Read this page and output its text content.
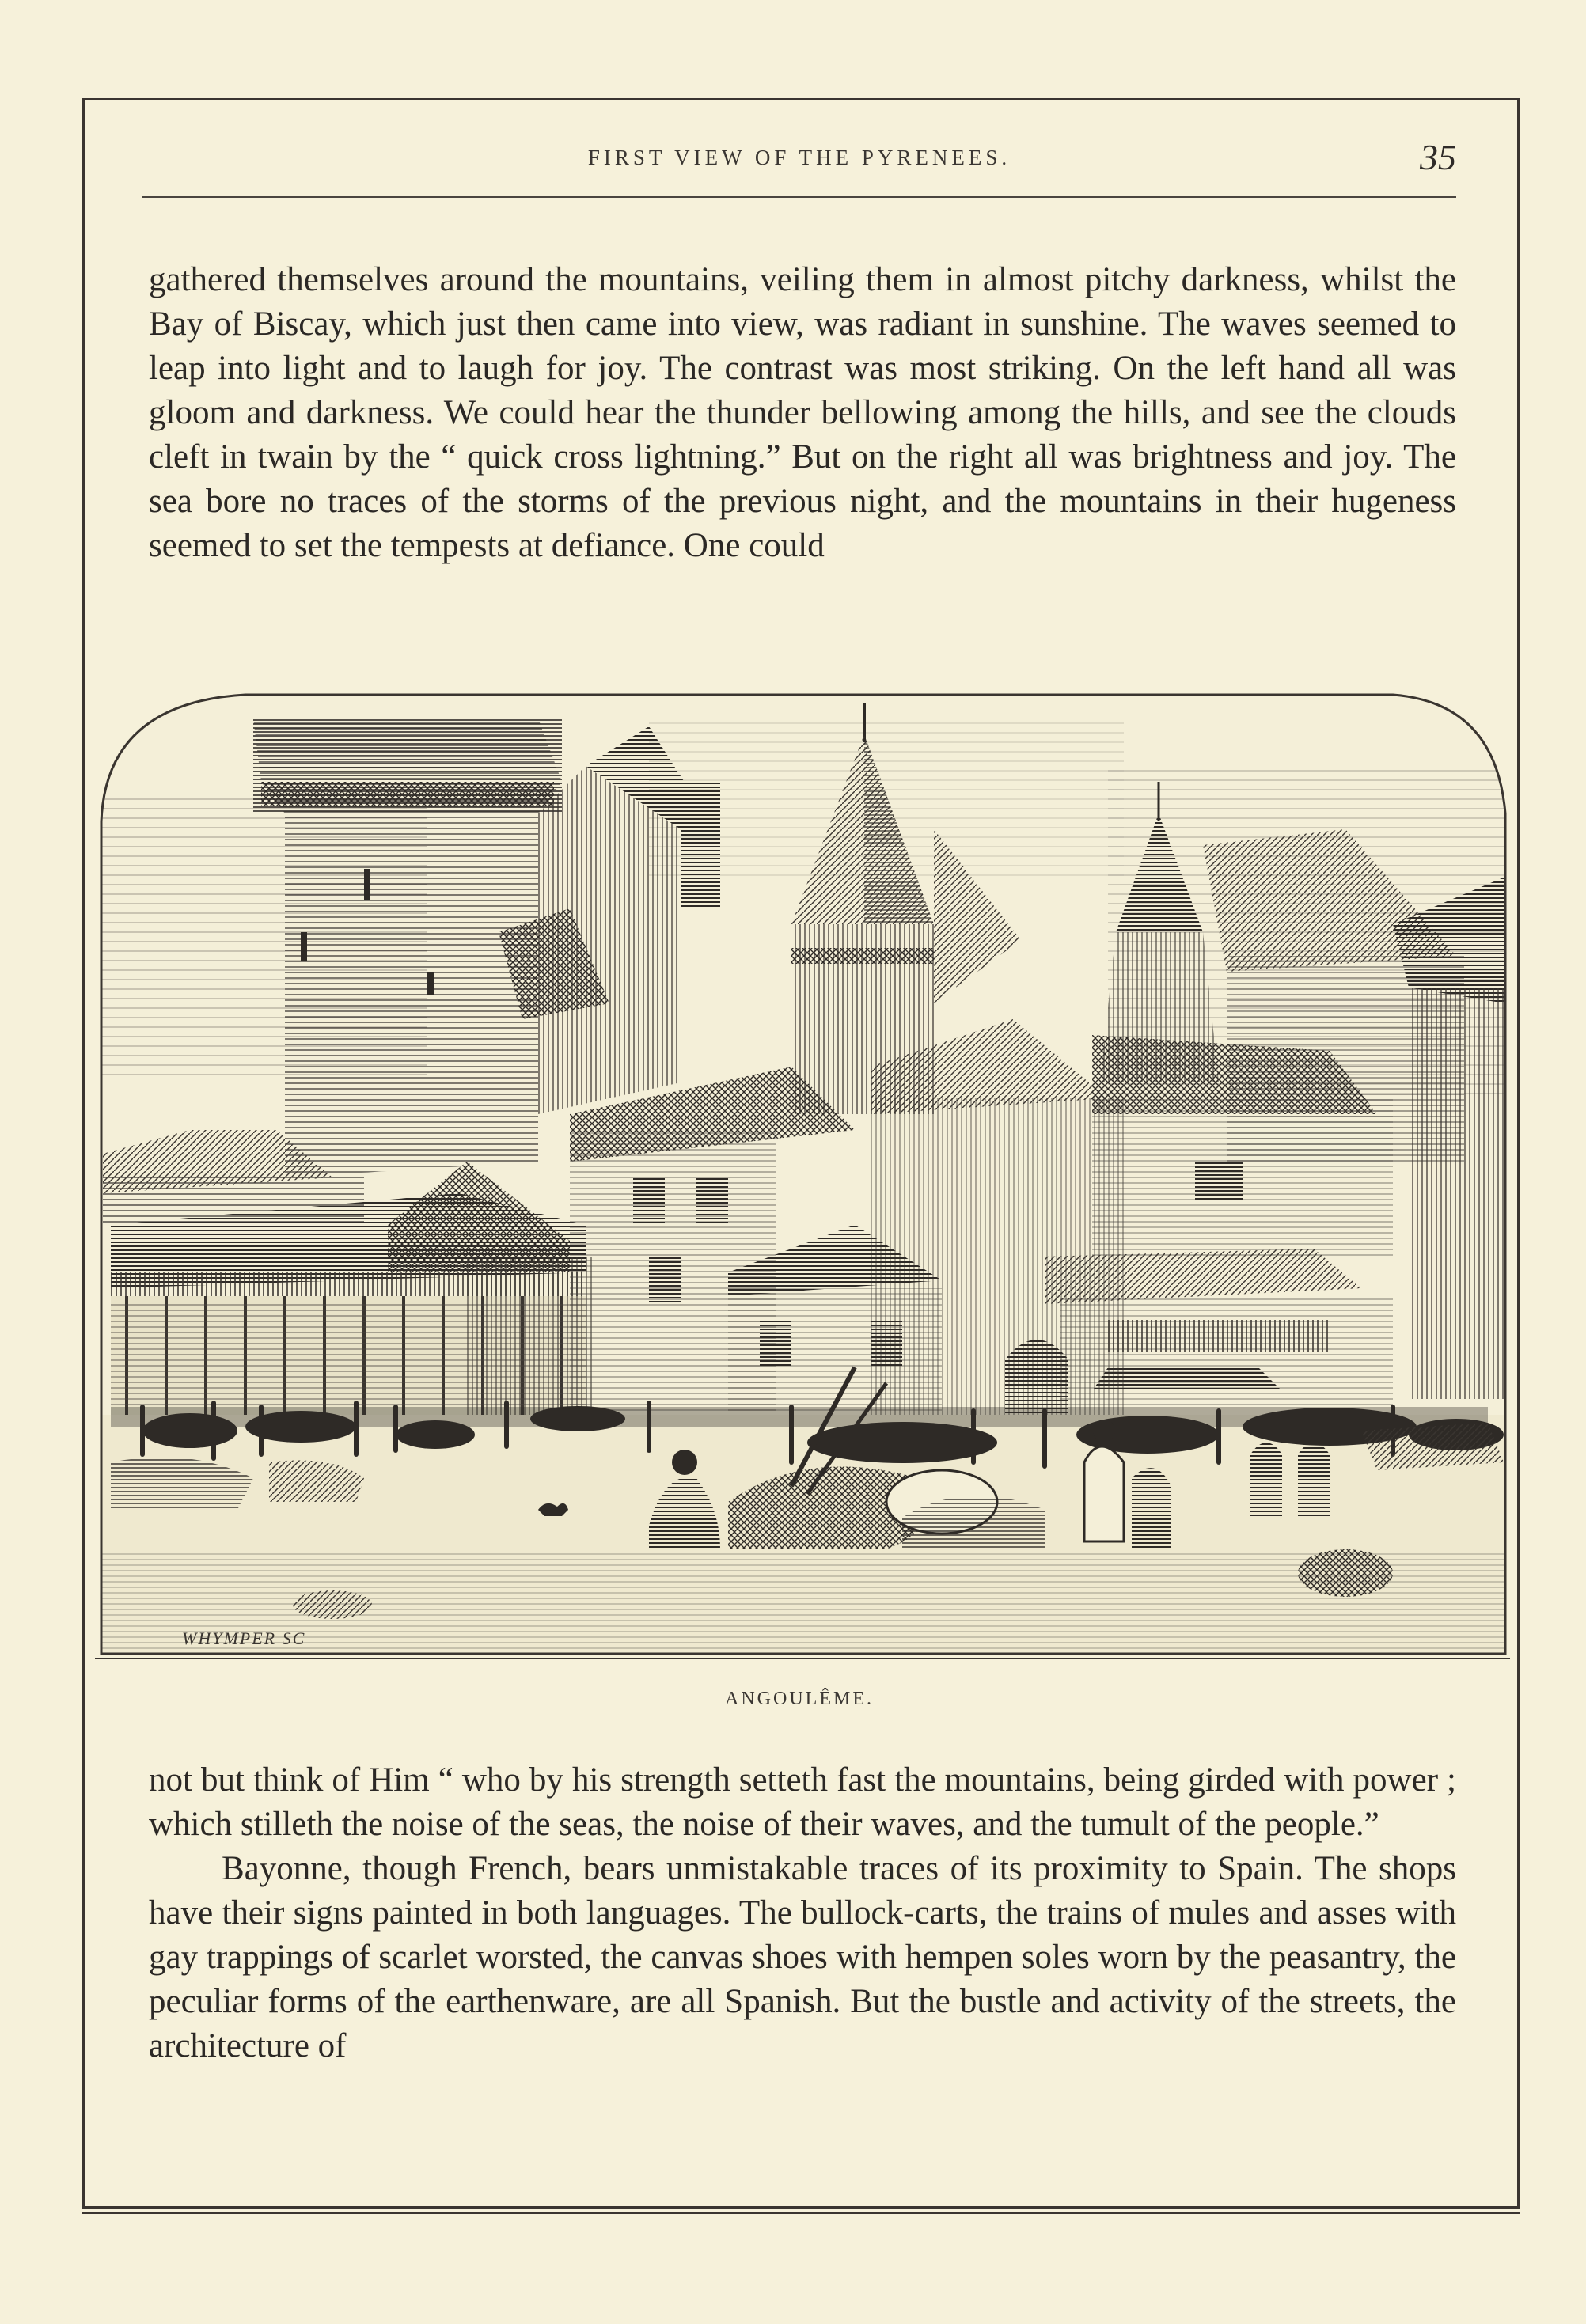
FIRST VIEW OF THE PYRENEES.	35

gathered themselves around the mountains, veiling them in almost pitchy darkness, whilst the Bay of Biscay, which just then came into view, was radiant in sunshine. The waves seemed to leap into light and to laugh for joy. The contrast was most striking. On the left hand all was gloom and darkness. We could hear the thunder bellowing among the hills, and see the clouds cleft in twain by the “ quick cross lightning.” But on the right all was brightness and joy. The sea bore no traces of the storms of the previous night, and the mountains in their hugeness seemed to set the tempests at defiance. One could

WHYMPER SC
ANGOULÊME.

not but think of Him “ who by his strength setteth fast the mountains, being girded with power ; which stilleth the noise of the seas, the noise of their waves, and the tumult of the people.”

Bayonne, though French, bears unmistakable traces of its proximity to Spain. The shops have their signs painted in both languages. The bullock-carts, the trains of mules and asses with gay trappings of scarlet worsted, the canvas shoes with hempen soles worn by the peasantry, the peculiar forms of the earthenware, are all Spanish. But the bustle and activity of the streets, the architecture of
